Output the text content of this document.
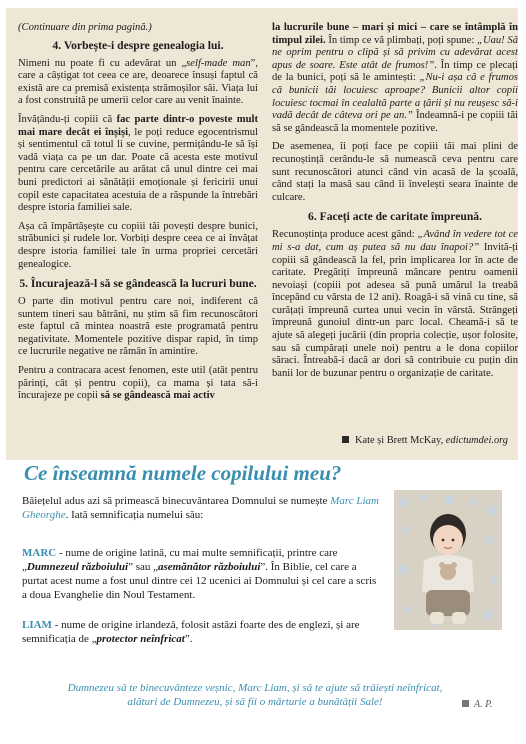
(Continuare din prima pagină.)
4. Vorbește-i despre genealogia lui.

Nimeni nu poate fi cu adevărat un „self-made man”, care a câștigat tot ceea ce are, deoarece însuși faptul că există are ca premisă existența strămoșilor săi. Viața lui a fost construită pe umerii celor care au venit înainte.

Învățându-ți copiii că fac parte dintr-o poveste mult mai mare decât ei înșiși, le poți reduce egocentrismul și sentimentul că totul li se cuvine, permițându-le să își vadă viața ca pe un dar. Poate că acesta este motivul pentru care cercetările au arătat că unul dintre cei mai buni predictori ai sănătății emoționale și fericirii unui copil este capacitatea acestuia de a răspunde la întrebări despre istoria familiei sale.

Așa că împărtășește cu copiii tăi povești despre bunici, străbunici și rudele lor. Vorbiți despre ceea ce ai învățat despre istoria familiei tale în urma propriei cercetări genealogice.

5. Încurajează-l să se gândească la lucruri bune.

O parte din motivul pentru care noi, indiferent că suntem tineri sau bătrâni, nu știm să fim recunoscători este faptul că mintea noastră este programată pentru negativitate. Momentele pozitive dispar rapid, în timp ce lucrurile negative ne rămân în amintire.

Pentru a contracara acest fenomen, este util (atât pentru părinți, cât și pentru copii), ca mama și tata să-i încurajeze pe copii să se gândească mai activ

la lucrurile bune – mari și mici – care se întâmplă în timpul zilei. În timp ce vă plimbați, poți spune: „Uau! Să ne oprim pentru o clipă și să privim cu adevărat acest apus de soare. Este atât de frumos!”. În timp ce plecați de la bunici, poți să le amintești: „Nu-i așa că e frumos că bunicii tăi locuiesc aproape? Bunicii altor copii locuiesc tocmai în cealaltă parte a țării și nu reușesc să-i vadă decât de câteva ori pe an.” Îndeamnă-i pe copiii tăi să se gândească la momentele pozitive.

De asemenea, îi poți face pe copiii tăi mai plini de recunoștință cerându-le să numească ceva pentru care sunt recunoscători atunci când vin acasă de la școală, când stați la masă sau când îi învelești seara înainte de culcare.

6. Faceți acte de caritate împreună.

Recunoștința produce acest gând: „Având în vedere tot ce mi s-a dat, cum aș putea să nu dau înapoi?” Invită-ți copiii să gândească la fel, prin implicarea lor în acte de caritate. Pregătiți împreună mâncare pentru oamenii nevoiași (copiii pot adesea să pună umărul la treabă începând cu vârsta de 12 ani). Roagă-i să vină cu tine, să curățați împreună curtea unui vecin în vârstă. Strângeți împreună gunoiul dintr-un parc local. Cheamă-i să te ajute să alegeți jucării (din propria colecție, ușor folosite, sau să cumpărați unele noi) pentru a le dona copiilor săraci. Întreabă-i dacă ar dori să contribuie cu puțin din banii lor de buzunar pentru o organizație de caritate.

Kate și Brett McKay, edictumdei.org
Ce înseamnă numele copilului meu?
Băiețelul adus azi să primească binecuvântarea Domnului se numește Marc Liam Gheorghe. Iată semnificația numelui său:

MARC - nume de origine latină, cu mai multe semnificații, printre care „Dumnezeul războiului” sau „asemănător războiului”. În Biblie, cel care a purtat acest nume a fost unul dintre cei 12 ucenici ai Domnului și cel care a scris a doua Evanghelie din Noul Testament.

LIAM - nume de origine irlandeză, folosit astăzi foarte des de englezi, și are semnificația de „protector neînfricat”.

Dumnezeu să te binecuvânteze veșnic, Marc Liam, și să te ajute să trăiești neînfricat,
alături de Dumnezeu, și să fii o mărturie a bunătății Sale!	A. P.
